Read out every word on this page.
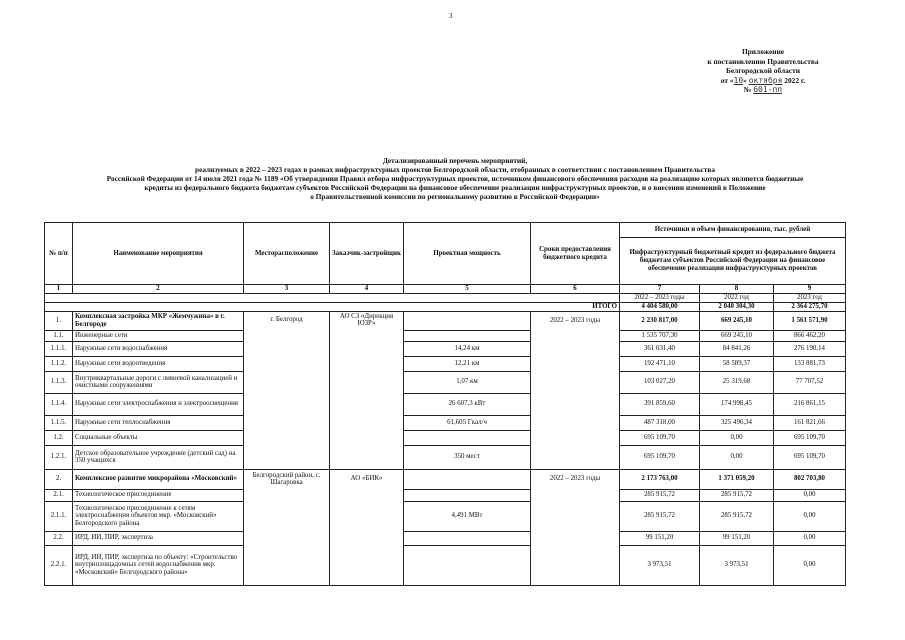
3
Приложение
к постановлению Правительства
Белгородской области
от «10» октября 2022 г.
№ 601-пп
Детализированный перечень мероприятий,
реализуемых в 2022 – 2023 годах в рамках инфраструктурных проектов Белгородской области, отобранных в соответствии с постановлением Правительства
Российской Федерации от 14 июля 2021 года № 1189 «Об утверждении Правил отбора инфраструктурных проектов, источником финансового обеспечения расходов на реализацию которых являются бюджетные
кредиты из федерального бюджета бюджетам субъектов Российской Федерации на финансовое обеспечение реализации инфраструктурных проектов, и о внесении изменений в Положение
о Правительственной комиссии по региональному развитию в Российской Федерации»
№ п/п	Наименование мероприятия	Месторасположение	Заказчик-застройщик	Проектная мощность	Сроки предоставления бюджетного кредита	Источники и объем финансирования, тыс. рублей		
						Инфраструктурный бюджетный кредит из федерального бюджета бюджетам субъектов Российской Федерации на финансовое обеспечение реализации инфраструктурных проектов		
1	2	3	4	5	6	7	8	9
						2022 – 2023 годы	2022 год	2023 год
ИТОГО						4 404 580,00	2 040 304,30	2 364 275,70
1.	Комплексная застройка МКР «Жемчужина» в г. Белгороде	г. Белгород	АО СЗ «Дирекция ЮЗР»		2022 – 2023 годы	2 230 817,00	669 245,10	1 561 571,90
1.1.	Инженерные сети					1 535 707,30	669 245,10	866 462,20
1.1.1.	Наружные сети водоснабжения			14,24 км		361 031,40	84 841,26	276 190,14
1.1.2.	Наружные сети водоотведения			12,21 км		192 471,10	58 589,37	133 881,73
1.1.3.	Внутриквартальные дороги с ливневой канализацией и очистными сооружениями			1,07 км		103 027,20	25 319,68	77 707,52
1.1.4.	Наружные сети электроснабжения и электроосвещения			26 607,3 кВт		391 859,60	174 998,45	216 861,15
1.1.5.	Наружные сети теплоснабжения			61,605 Гкал/ч		487 318,00	325 496,34	161 821,66
1.2.	Социальные объекты					695 109,70	0,00	695 109,70
1.2.1.	Детское образовательное учреждение (детский сад) на 350 учащихся			350 мест		695 109,70	0,00	695 109,70
2.	Комплексное развитие микрорайона «Московский»	Белгородский район, с. Шагаровка	АО «БИК»		2022 – 2023 годы	2 173 763,00	1 371 059,20	802 703,80
2.1.	Технологическое присоединение					285 915,72	285 915,72	0,00
2.1.1.	Технологическое присоединение к сетям электроснабжения объектов мкр. «Московский» Белгородского района			4,491 МВт		285 915,72	285 915,72	0,00
2.2.	ИРД, ИИ, ПИР, экспертиза					99 151,20	99 151,20	0,00
2.2.1.	ИРД, ИИ, ПИР, экспертиза по объекту: «Строительство внутриплощадочных сетей водоснабжения мкр. «Московский» Белгородского района»					3 973,51	3 973,51	0,00
